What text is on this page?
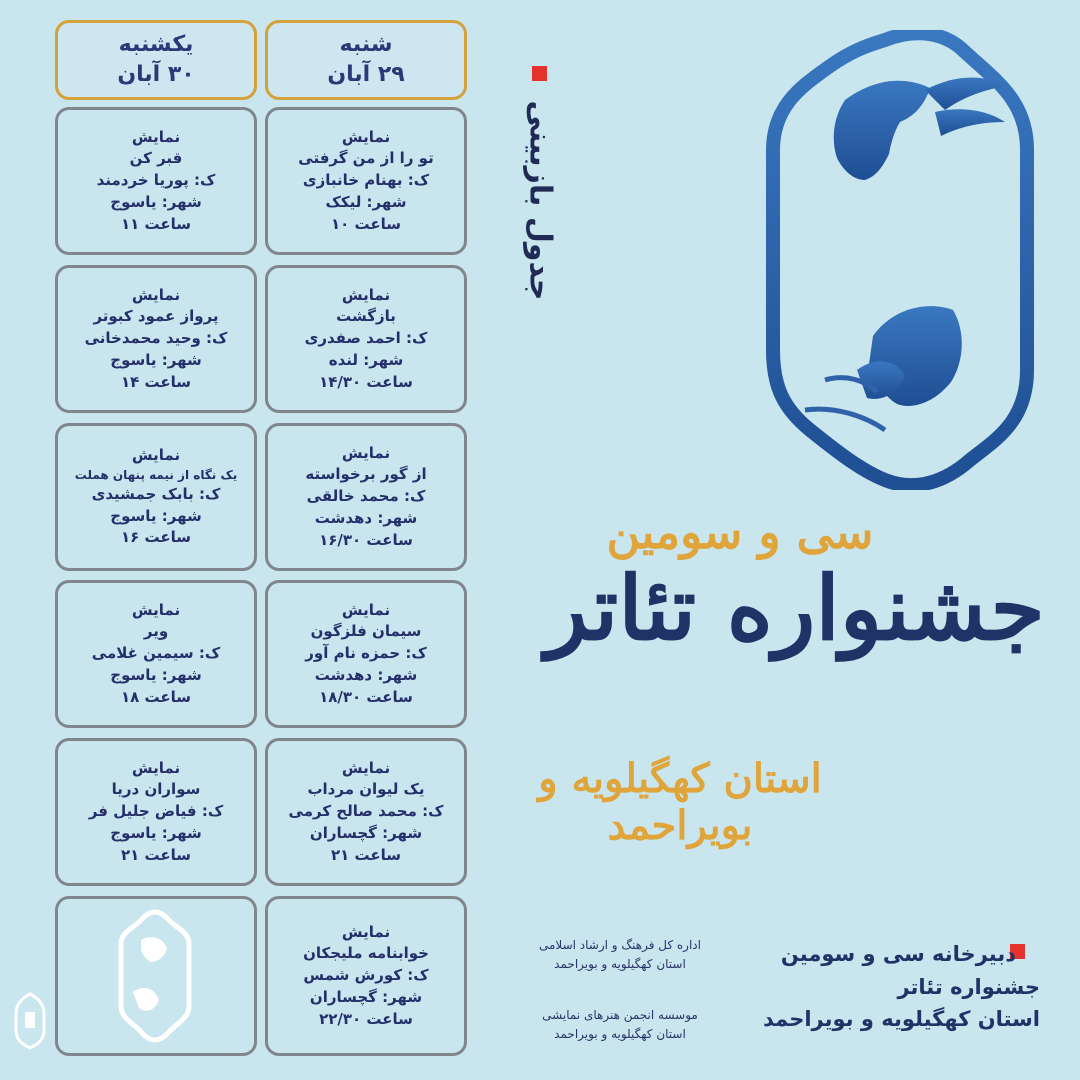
شنبه
۲۹ آبان
یکشنبه
۳۰ آبان
نمایش
تو را از من گرفتی
ک: بهنام خانبازی
شهر: لیکک
ساعت ۱۰
نمایش
بازگشت
ک: احمد صفدری
شهر: لنده
ساعت ۱۴/۳۰
نمایش
از گور برخواسته
ک: محمد خالقی
شهر: دهدشت
ساعت ۱۶/۳۰
نمایش
سیمان فلزگون
ک: حمزه نام آور
شهر: دهدشت
ساعت ۱۸/۳۰
نمایش
یک لیوان مرداب
ک: محمد صالح کرمی
شهر: گچساران
ساعت ۲۱
نمایش
خوابنامه ملیجکان
ک: کورش شمس
شهر: گچساران
ساعت ۲۲/۳۰
نمایش
قبر کن
ک: پوریا خردمند
شهر: یاسوج
ساعت ۱۱
نمایش
پرواز عمود کبوتر
ک: وحید محمدخانی
شهر: یاسوج
ساعت ۱۴
نمایش
یک نگاه از نیمه پنهان هملت
ک: بابک جمشیدی
شهر: یاسوج
ساعت ۱۶
نمایش
ویر
ک: سیمین غلامی
شهر: یاسوج
ساعت ۱۸
نمایش
سواران دریا
ک: فیاض جلیل فر
شهر: یاسوج
ساعت ۲۱
جدول بازبینی
سی و سومین
جشنواره تئاتر
استان کهگیلویه و بویراحمد
اداره کل فرهنگ و ارشاد اسلامی
استان کهگیلویه و بویراحمد
موسسه انجمن هنرهای نمایشی
استان کهگیلویه و بویراحمد
دبیرخانه سی و سومین
جشنواره تئاتر
استان کهگیلویه و بویراحمد
